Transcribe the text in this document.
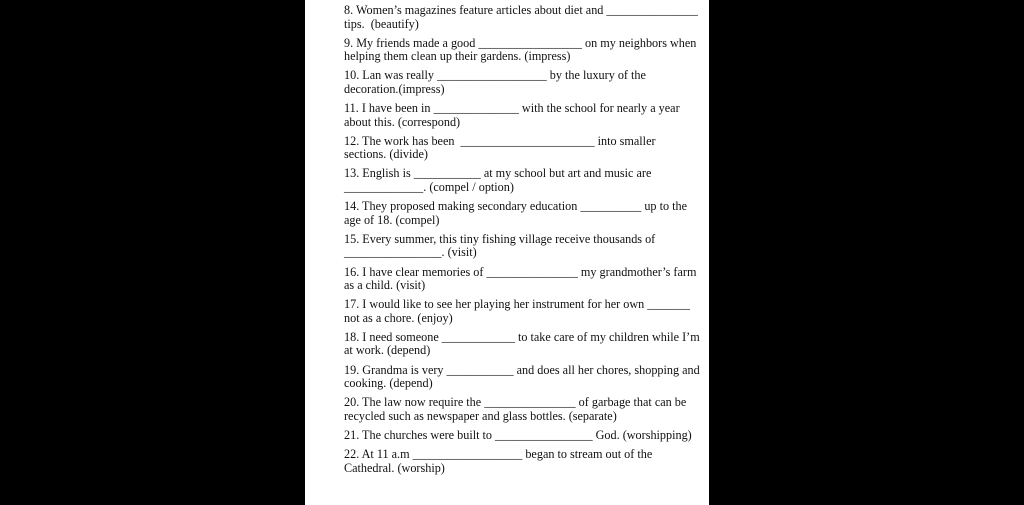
8. Women’s magazines feature articles about diet and _______________
tips.  (beautify)
9. My friends made a good _________________ on my neighbors when
helping them clean up their gardens. (impress)
10. Lan was really __________________ by the luxury of the
decoration.(impress)
11. I have been in ______________ with the school for nearly a year
about this. (correspond)
12. The work has been  ______________________ into smaller
sections. (divide)
13. English is ___________ at my school but art and music are
_____________. (compel / option)
14. They proposed making secondary education __________ up to the
age of 18. (compel)
15. Every summer, this tiny fishing village receive thousands of
________________. (visit)
16. I have clear memories of _______________ my grandmother’s farm
as a child. (visit)
17. I would like to see her playing her instrument for her own _______
not as a chore. (enjoy)
18. I need someone ____________ to take care of my children while I’m
at work. (depend)
19. Grandma is very ___________ and does all her chores, shopping and
cooking. (depend)
20. The law now require the _______________ of garbage that can be
recycled such as newspaper and glass bottles. (separate)
21. The churches were built to ________________ God. (worshipping)
22. At 11 a.m __________________ began to stream out of the
Cathedral. (worship)
